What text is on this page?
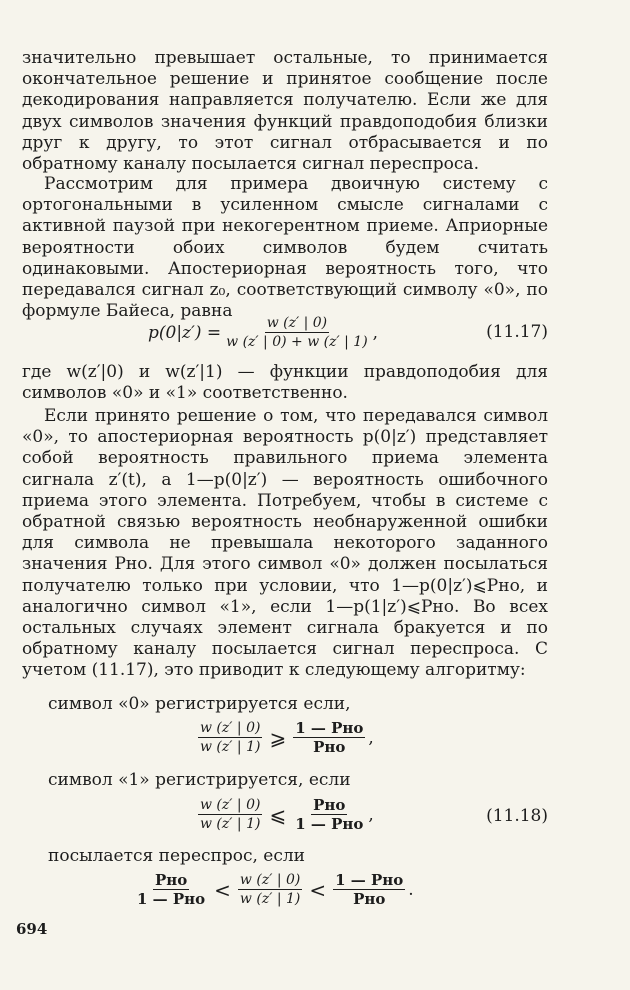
значительно превышает остальные, то принимается окончательное решение и принятое сообщение после декодирования направляется получателю. Если же для двух символов значения функций правдоподобия близки друг к другу, то этот сигнал отбрасывается и по обратному каналу посылается сигнал переспроса.

Рассмотрим для примера двоичную систему с ортогональными в усиленном смысле сигналами с активной паузой при некогерентном приеме. Априорные вероятности обоих символов будем считать одинаковыми. Апостериорная вероятность того, что передавался сигнал z₀, соответствующий символу «0», по формуле Байеса, равна

$p(0|z') = \frac{w (z' | 0)}{w (z' | 0) + w (z' | 1)}$ ,	(11.17)

где w(z′|0) и w(z′|1) — функции правдоподобия для символов «0» и «1» соответственно.

Если принято решение о том, что передавался символ «0», то апостериорная вероятность p(0|z′) представляет собой вероятность правильного приема элемента сигнала z′(t), а 1—p(0|z′) — вероятность ошибочного приема этого элемента. Потребуем, чтобы в системе с обратной связью вероятность необнаруженной ошибки для символа не превышала некоторого заданного значения Pно. Для этого символ «0» должен посылаться получателю только при условии, что 1—p(0|z′)⩽Pно, и аналогично символ «1», если 1—p(1|z′)⩽Pно. Во всех остальных случаях элемент сигнала бракуется и по обратному каналу посылается сигнал переспроса. С учетом (11.17), это приводит к следующему алгоритму:

символ «0» регистрируется если,
$\frac{w (z' | 0)}{w (z' | 1)}$ ⩾ $\frac{\text{1 — Pно}}{\text{Pно}}$ ,
символ «1» регистрируется, если
$\frac{w (z' | 0)}{w (z' | 1)}$ ⩽ $\frac{\text{Pно}}{\text{1 — Pно}}$ ,	(11.18)
посылается переспрос, если
$\frac{\text{Pно}}{\text{1 — Pно}} < \frac{w (z' | 0)}{w (z' | 1)} < \frac{\text{1 — Pно}}{\text{Pно}}$ .
694
